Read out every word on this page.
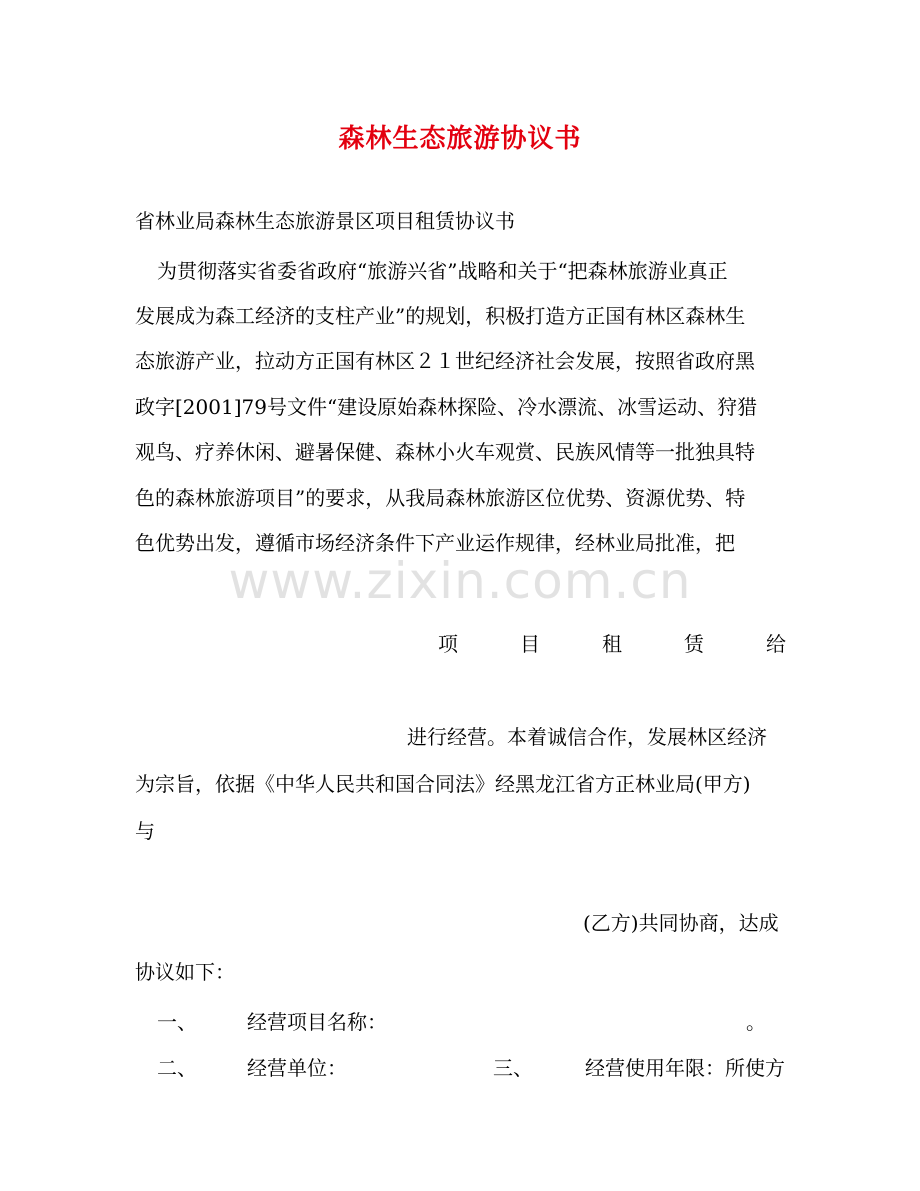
森林生态旅游协议书
省林业局森林生态旅游景区项目租赁协议书
为贯彻落实省委省政府“旅游兴省”战略和关于“把森林旅游业真正
发展成为森工经济的支柱产业”的规划，积极打造方正国有林区森林生
态旅游产业，拉动方正国有林区２１世纪经济社会发展，按照省政府黑
政字[2001]79号文件“建设原始森林探险、冷水漂流、冰雪运动、狩猎
观鸟、疗养休闲、避暑保健、森林小火车观赏、民族风情等一批独具特
色的森林旅游项目”的要求，从我局森林旅游区位优势、资源优势、特
色优势出发，遵循市场经济条件下产业运作规律，经林业局批准，把
www.zixin.com.cn
项	目	租	赁	给
进行经营。本着诚信合作，发展林区经济
为宗旨，依据《中华人民共和国合同法》经黑龙江省方正林业局(甲方)
与
(乙方)共同协商，达成
协议如下：
一、	经营项目名称：	。
二、	经营单位：	三、	经营使用年限：所使方
